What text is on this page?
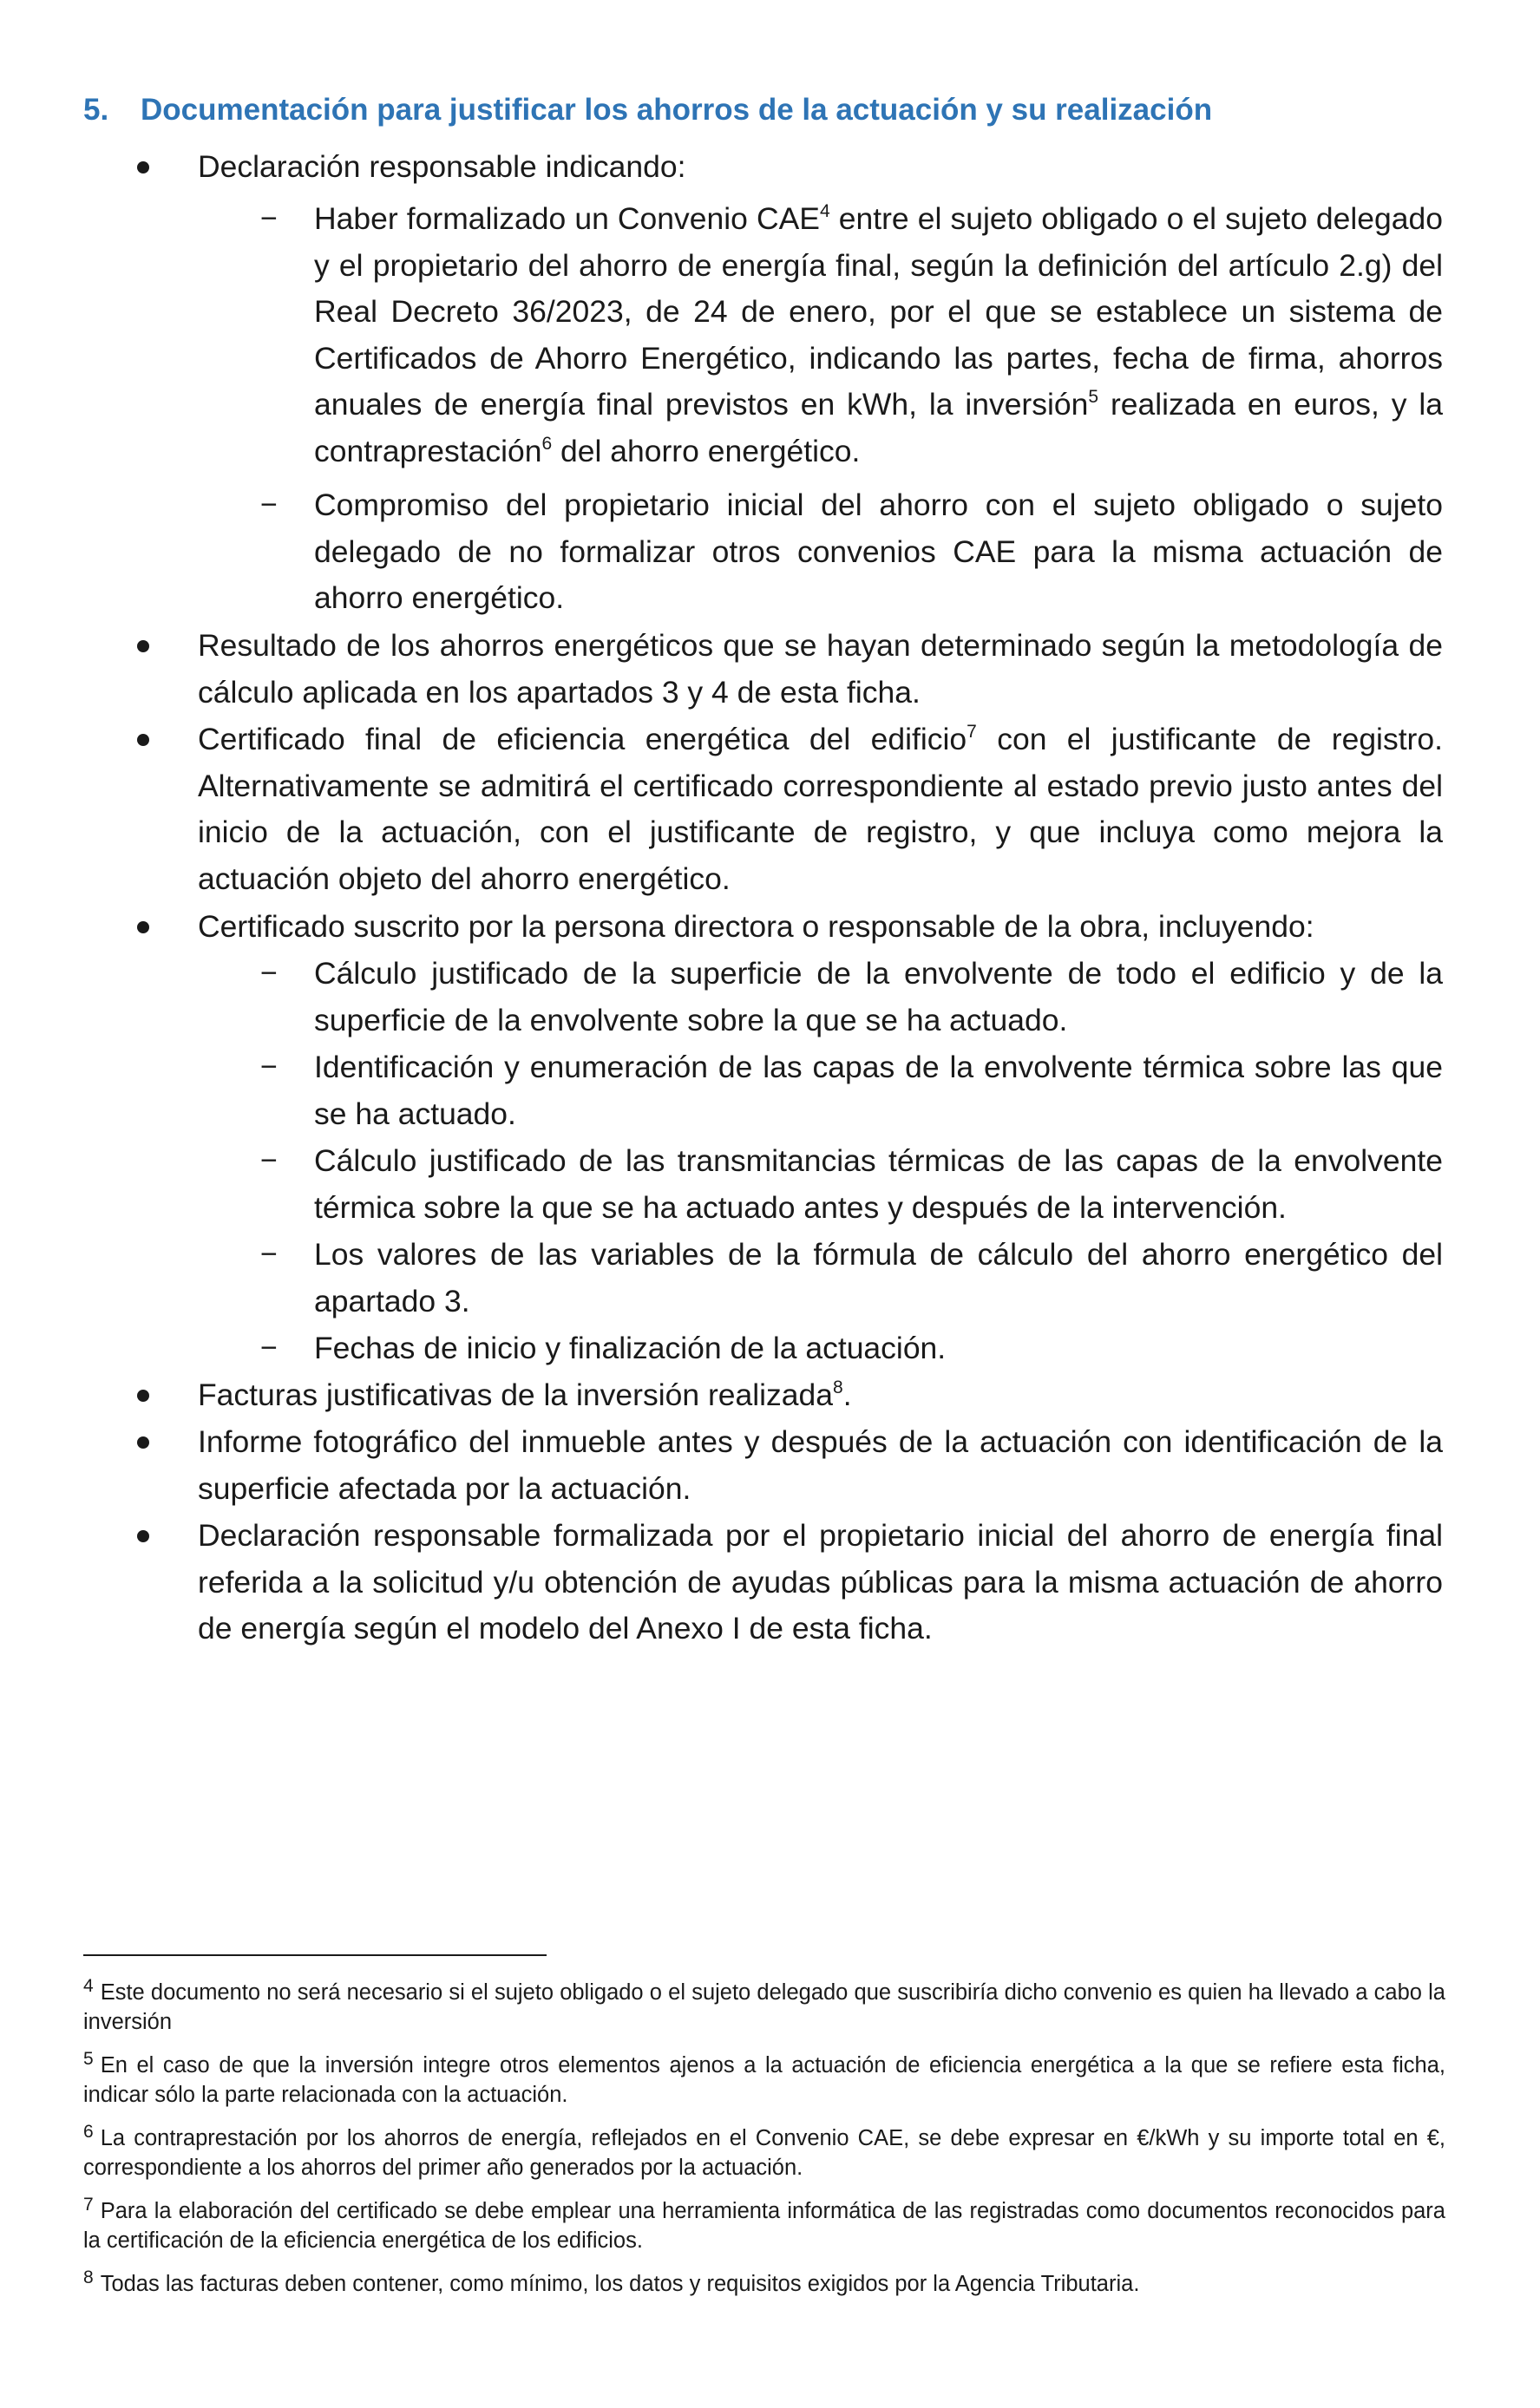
5. Documentación para justificar los ahorros de la actuación y su realización
Declaración responsable indicando:
− Haber formalizado un Convenio CAE$^4$ entre el sujeto obligado o el sujeto delegado y el propietario del ahorro de energía final, según la definición del artículo 2.g) del Real Decreto 36/2023, de 24 de enero, por el que se establece un sistema de Certificados de Ahorro Energético, indicando las partes, fecha de firma, ahorros anuales de energía final previstos en kWh, la inversión$^5$ realizada en euros, y la contraprestación$^6$ del ahorro energético.
− Compromiso del propietario inicial del ahorro con el sujeto obligado o sujeto delegado de no formalizar otros convenios CAE para la misma actuación de ahorro energético.
Resultado de los ahorros energéticos que se hayan determinado según la metodología de cálculo aplicada en los apartados 3 y 4 de esta ficha.
Certificado final de eficiencia energética del edificio$^7$ con el justificante de registro. Alternativamente se admitirá el certificado correspondiente al estado previo justo antes del inicio de la actuación, con el justificante de registro, y que incluya como mejora la actuación objeto del ahorro energético.
Certificado suscrito por la persona directora o responsable de la obra, incluyendo:
− Cálculo justificado de la superficie de la envolvente de todo el edificio y de la superficie de la envolvente sobre la que se ha actuado.
− Identificación y enumeración de las capas de la envolvente térmica sobre las que se ha actuado.
− Cálculo justificado de las transmitancias térmicas de las capas de la envolvente térmica sobre la que se ha actuado antes y después de la intervención.
− Los valores de las variables de la fórmula de cálculo del ahorro energético del apartado 3.
− Fechas de inicio y finalización de la actuación.
Facturas justificativas de la inversión realizada$^8$.
Informe fotográfico del inmueble antes y después de la actuación con identificación de la superficie afectada por la actuación.
Declaración responsable formalizada por el propietario inicial del ahorro de energía final referida a la solicitud y/u obtención de ayudas públicas para la misma actuación de ahorro de energía según el modelo del Anexo I de esta ficha.
$^4$ Este documento no será necesario si el sujeto obligado o el sujeto delegado que suscribiría dicho convenio es quien ha llevado a cabo la inversión
$^5$ En el caso de que la inversión integre otros elementos ajenos a la actuación de eficiencia energética a la que se refiere esta ficha, indicar sólo la parte relacionada con la actuación.
$^6$ La contraprestación por los ahorros de energía, reflejados en el Convenio CAE, se debe expresar en €/kWh y su importe total en €, correspondiente a los ahorros del primer año generados por la actuación.
$^7$ Para la elaboración del certificado se debe emplear una herramienta informática de las registradas como documentos reconocidos para la certificación de la eficiencia energética de los edificios.
$^8$ Todas las facturas deben contener, como mínimo, los datos y requisitos exigidos por la Agencia Tributaria.
